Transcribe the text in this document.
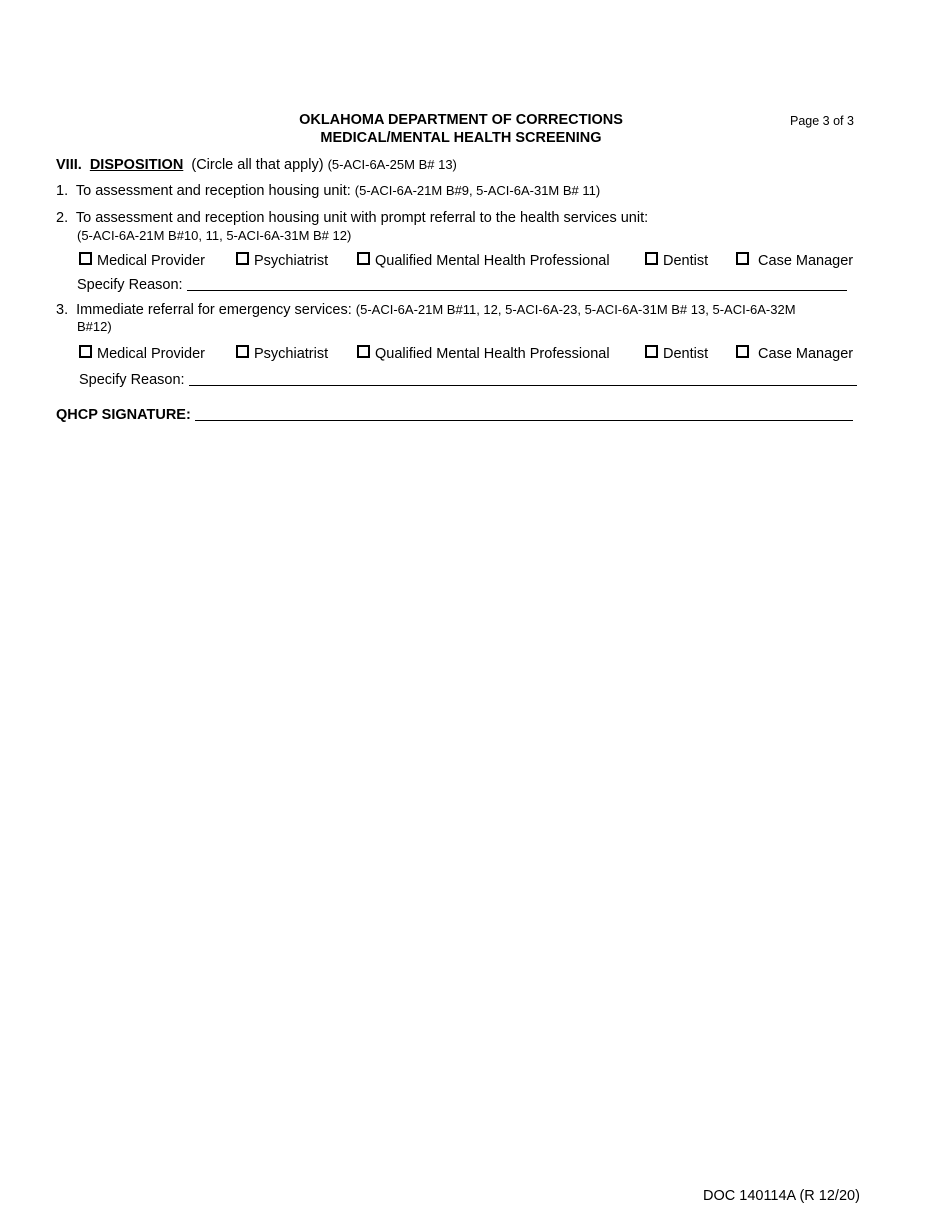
OKLAHOMA DEPARTMENT OF CORRECTIONS
MEDICAL/MENTAL HEALTH SCREENING
Page 3 of 3
VIII. DISPOSITION (Circle all that apply) (5-ACI-6A-25M B# 13)
1. To assessment and reception housing unit: (5-ACI-6A-21M B#9, 5-ACI-6A-31M B# 11)
2. To assessment and reception housing unit with prompt referral to the health services unit:
(5-ACI-6A-21M B#10, 11, 5-ACI-6A-31M B# 12)
Medical Provider	Psychiatrist	Qualified Mental Health Professional	Dentist	Case Manager
Specify Reason:
3. Immediate referral for emergency services: (5-ACI-6A-21M B#11, 12, 5-ACI-6A-23, 5-ACI-6A-31M B# 13, 5-ACI-6A-32M
B#12)
Medical Provider	Psychiatrist	Qualified Mental Health Professional	Dentist	Case Manager
Specify Reason:
QHCP SIGNATURE:
DOC 140114A (R 12/20)
